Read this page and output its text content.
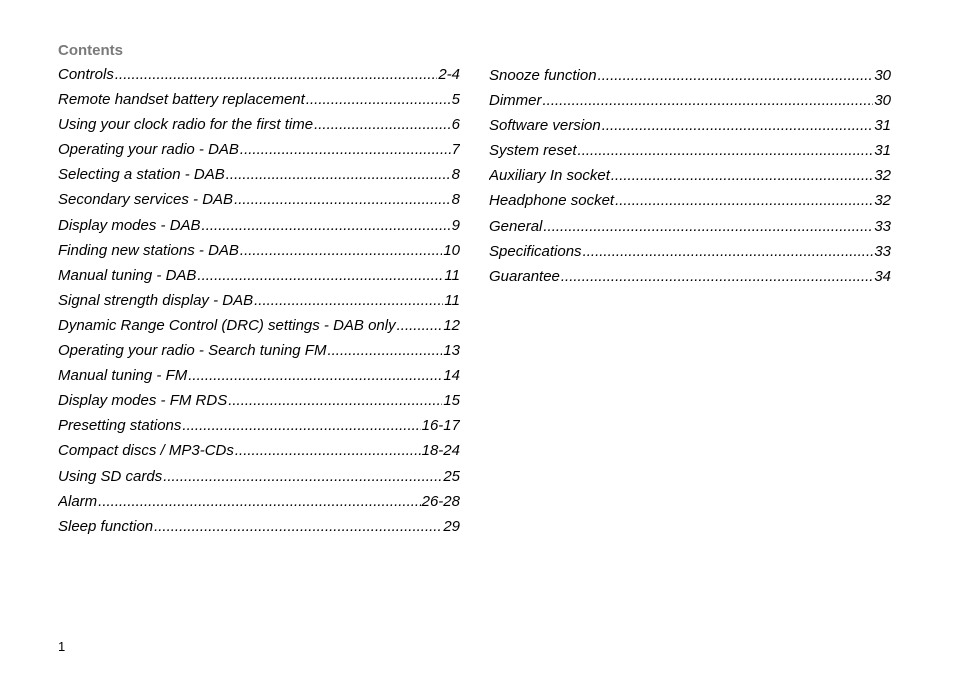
Contents
Controls .....	2-4
Remote handset battery replacement .....	5
Using your clock radio for the first time .....	6
Operating your radio - DAB .....	7
Selecting a station - DAB .....	8
Secondary services - DAB .....	8
Display modes - DAB .....	9
Finding new stations - DAB .....	10
Manual tuning - DAB .....	11
Signal strength display - DAB .....	11
Dynamic Range Control (DRC) settings - DAB only .....	12
Operating your radio - Search tuning FM .....	13
Manual tuning - FM .....	14
Display modes - FM RDS .....	15
Presetting stations .....	16-17
Compact discs / MP3-CDs .....	18-24
Using SD cards .....	25
Alarm .....	26-28
Sleep function .....	29
Snooze function .....	30
Dimmer .....	30
Software version .....	31
System reset .....	31
Auxiliary In socket .....	32
Headphone socket .....	32
General .....	33
Specifications .....	33
Guarantee .....	34
1
